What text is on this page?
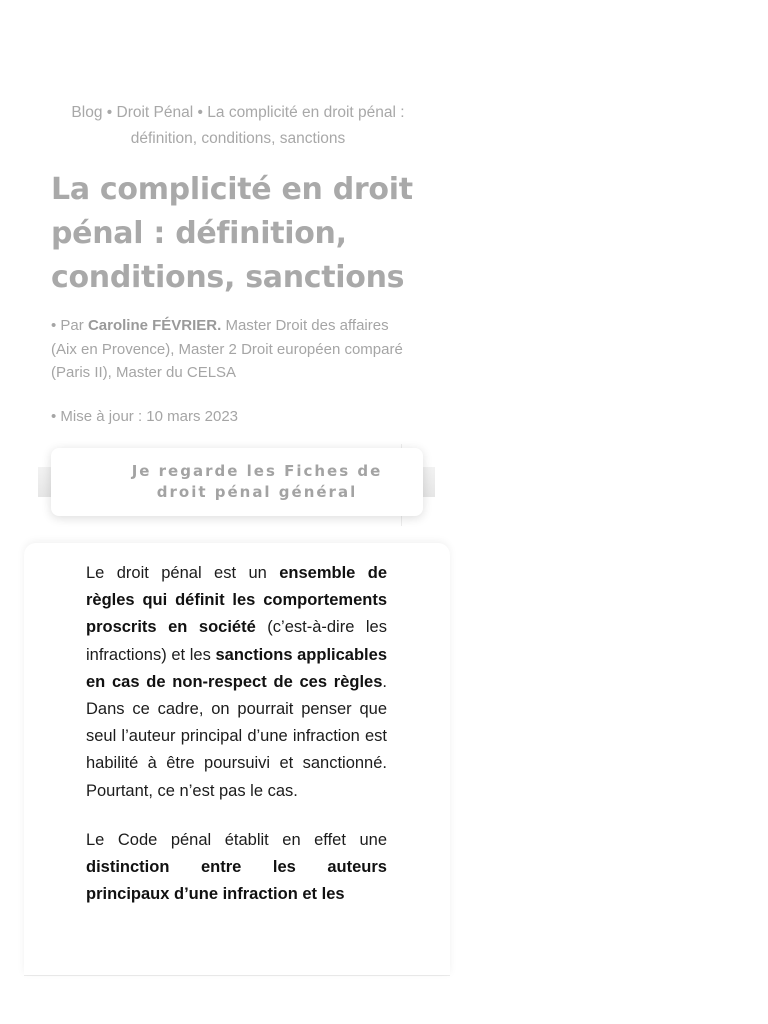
Blog • Droit Pénal • La complicité en droit pénal : définition, conditions, sanctions
La complicité en droit pénal : définition, conditions, sanctions
• Par Caroline FÉVRIER. Master Droit des affaires (Aix en Provence), Master 2 Droit européen comparé (Paris II), Master du CELSA
• Mise à jour : 10 mars 2023
Je regarde les Fiches de droit pénal général

Le droit pénal est un ensemble de règles qui définit les comportements proscrits en société (c’est-à-dire les infractions) et les sanctions applicables en cas de non-respect de ces règles. Dans ce cadre, on pourrait penser que seul l’auteur principal d’une infraction est habilité à être poursuivi et sanctionné. Pourtant, ce n’est pas le cas.

Le Code pénal établit en effet une distinction entre les auteurs principaux d’une infraction et les
